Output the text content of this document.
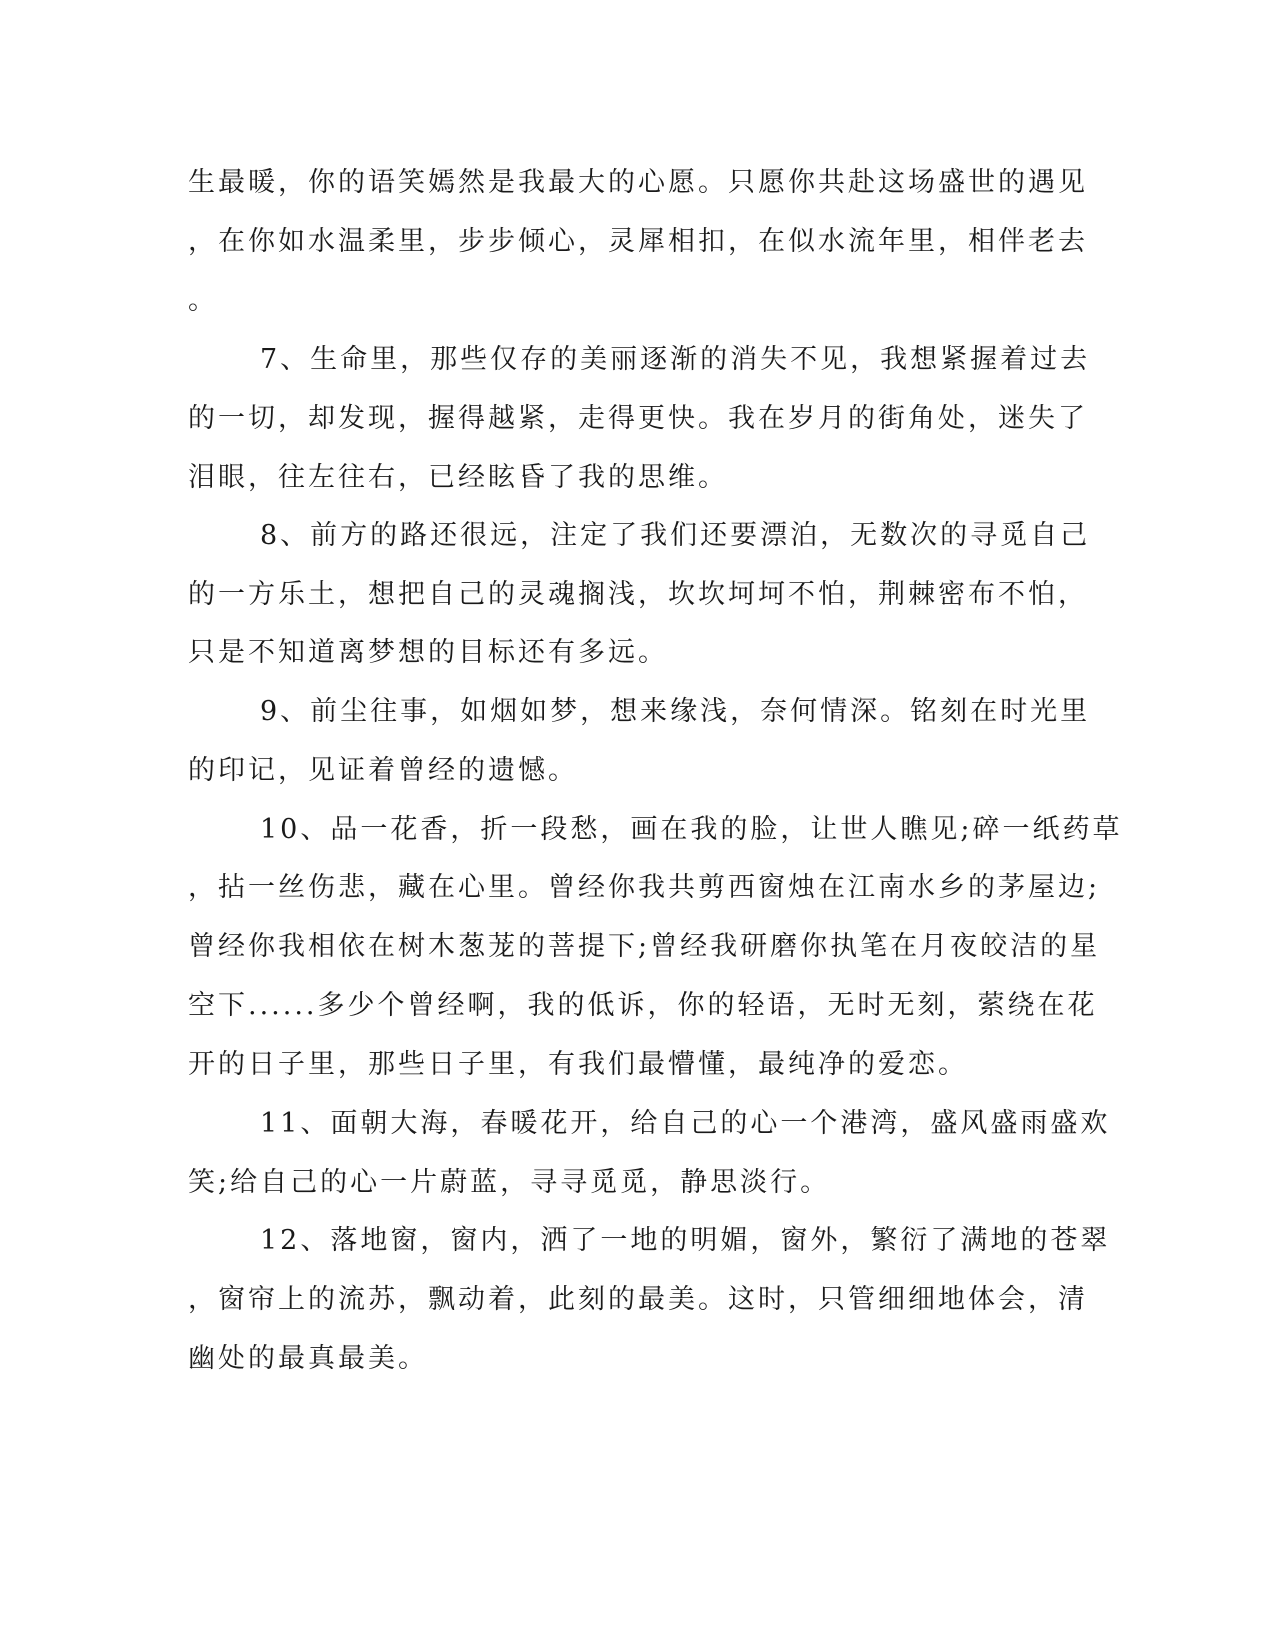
生最暖，你的语笑嫣然是我最大的心愿。只愿你共赴这场盛世的遇见
，在你如水温柔里，步步倾心，灵犀相扣，在似水流年里，相伴老去
。
7、生命里，那些仅存的美丽逐渐的消失不见，我想紧握着过去
的一切，却发现，握得越紧，走得更快。我在岁月的街角处，迷失了
泪眼，往左往右，已经眩昏了我的思维。
8、前方的路还很远，注定了我们还要漂泊，无数次的寻觅自己
的一方乐土，想把自己的灵魂搁浅，坎坎坷坷不怕，荆棘密布不怕，
只是不知道离梦想的目标还有多远。
9、前尘往事，如烟如梦，想来缘浅，奈何情深。铭刻在时光里
的印记，见证着曾经的遗憾。
10、品一花香，折一段愁，画在我的脸，让世人瞧见;碎一纸药草
，拈一丝伤悲，藏在心里。曾经你我共剪西窗烛在江南水乡的茅屋边;
曾经你我相依在树木葱茏的菩提下;曾经我研磨你执笔在月夜皎洁的星
空下......多少个曾经啊，我的低诉，你的轻语，无时无刻，萦绕在花
开的日子里，那些日子里，有我们最懵懂，最纯净的爱恋。
11、面朝大海，春暖花开，给自己的心一个港湾，盛风盛雨盛欢
笑;给自己的心一片蔚蓝，寻寻觅觅，静思淡行。
12、落地窗，窗内，洒了一地的明媚，窗外，繁衍了满地的苍翠
，窗帘上的流苏，飘动着，此刻的最美。这时，只管细细地体会，清
幽处的最真最美。
